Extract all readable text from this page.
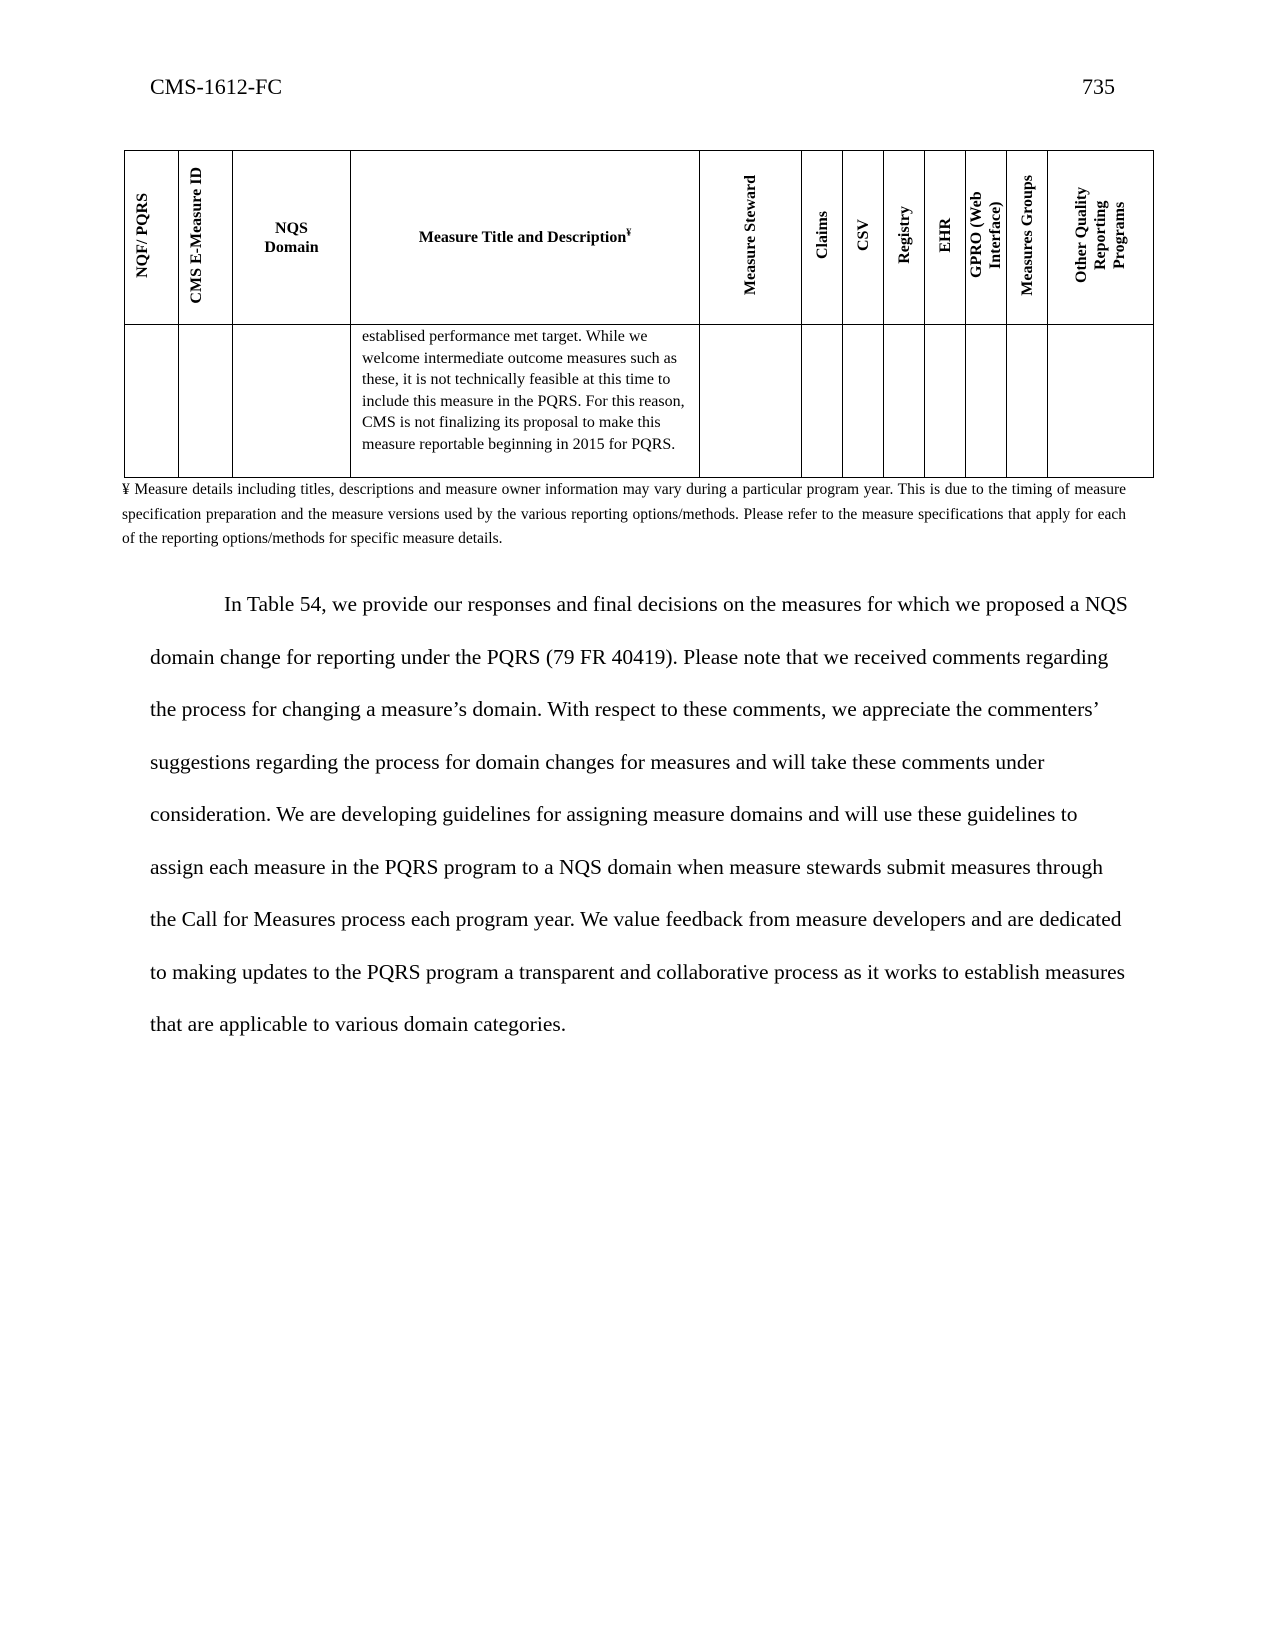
CMS-1612-FC	735
NQF/ PQRS	CMS E-Measure ID	NQS Domain	Measure Title and Description¥	Measure Steward	Claims	CSV	Registry	EHR	GPRO (Web Interface)	Measures Groups	Other Quality Reporting Programs
			establised performance met target. While we welcome intermediate outcome measures such as these, it is not technically feasible at this time to include this measure in the PQRS. For this reason, CMS is not finalizing its proposal to make this measure reportable beginning in 2015 for PQRS.								
¥ Measure details including titles, descriptions and measure owner information may vary during a particular program year. This is due to the timing of measure specification preparation and the measure versions used by the various reporting options/methods. Please refer to the measure specifications that apply for each of the reporting options/methods for specific measure details.

In Table 54, we provide our responses and final decisions on the measures for which we proposed a NQS domain change for reporting under the PQRS (79 FR 40419). Please note that we received comments regarding the process for changing a measure’s domain. With respect to these comments, we appreciate the commenters’ suggestions regarding the process for domain changes for measures and will take these comments under consideration. We are developing guidelines for assigning measure domains and will use these guidelines to assign each measure in the PQRS program to a NQS domain when measure stewards submit measures through the Call for Measures process each program year. We value feedback from measure developers and are dedicated to making updates to the PQRS program a transparent and collaborative process as it works to establish measures that are applicable to various domain categories.
